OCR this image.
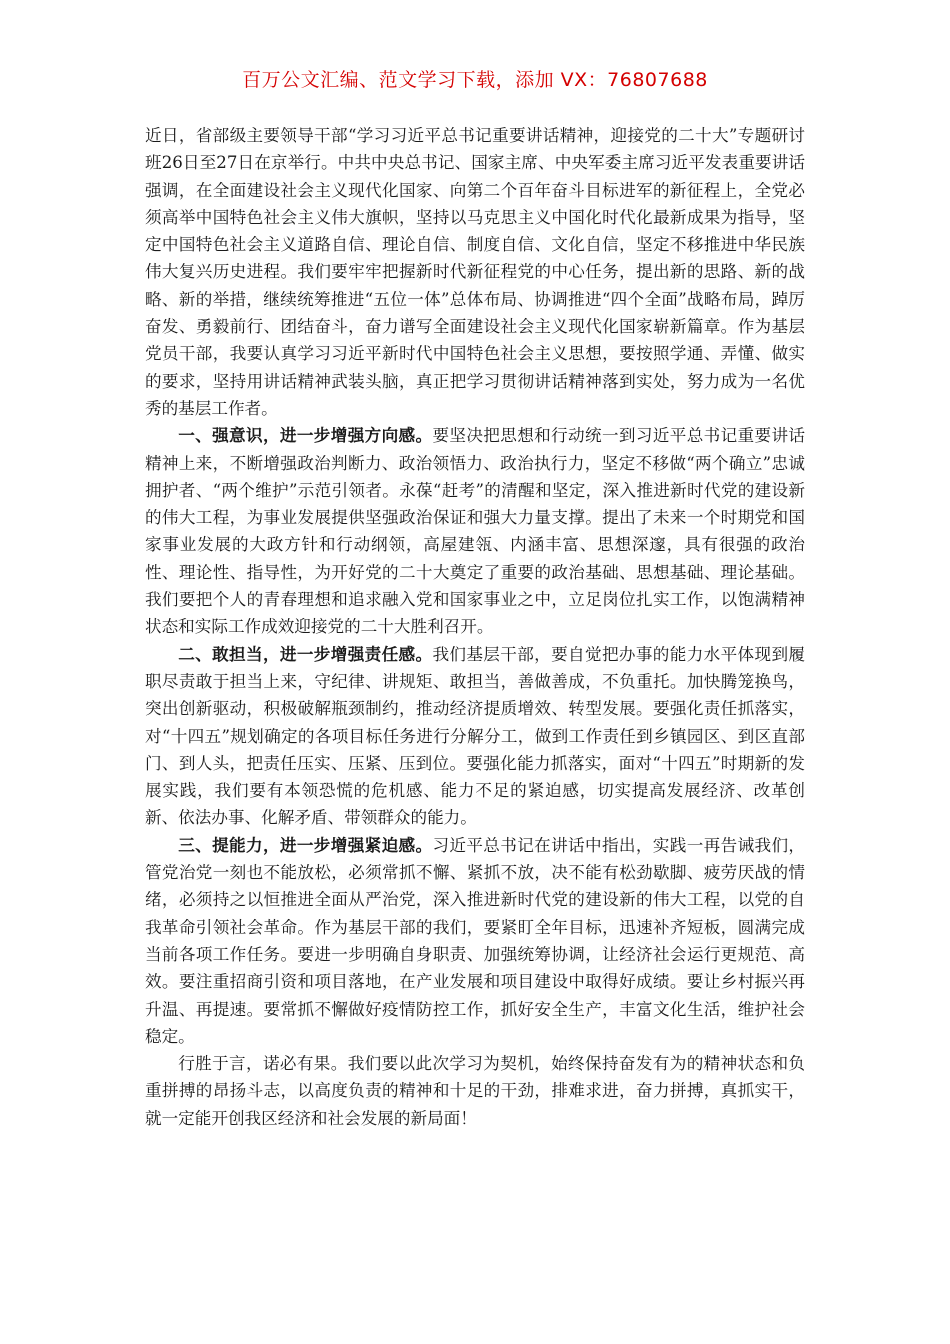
百万公文汇编、范文学习下载，添加 VX：76807688

近日，省部级主要领导干部“学习习近平总书记重要讲话精神，迎接党的二十大”专题研讨班26日至27日在京举行。中共中央总书记、国家主席、中央军委主席习近平发表重要讲话强调，在全面建设社会主义现代化国家、向第二个百年奋斗目标进军的新征程上，全党必须高举中国特色社会主义伟大旗帜，坚持以马克思主义中国化时代化最新成果为指导，坚定中国特色社会主义道路自信、理论自信、制度自信、文化自信，坚定不移推进中华民族伟大复兴历史进程。我们要牢牢把握新时代新征程党的中心任务，提出新的思路、新的战略、新的举措，继续统筹推进“五位一体”总体布局、协调推进“四个全面”战略布局，踔厉奋发、勇毅前行、团结奋斗，奋力谱写全面建设社会主义现代化国家崭新篇章。作为基层党员干部，我要认真学习习近平新时代中国特色社会主义思想，要按照学通、弄懂、做实的要求，坚持用讲话精神武装头脑，真正把学习贯彻讲话精神落到实处，努力成为一名优秀的基层工作者。

一、强意识，进一步增强方向感。要坚决把思想和行动统一到习近平总书记重要讲话精神上来，不断增强政治判断力、政治领悟力、政治执行力，坚定不移做“两个确立”忠诚拥护者、“两个维护”示范引领者。永葆“赶考”的清醒和坚定，深入推进新时代党的建设新的伟大工程，为事业发展提供坚强政治保证和强大力量支撑。提出了未来一个时期党和国家事业发展的大政方针和行动纲领，高屋建瓴、内涵丰富、思想深邃，具有很强的政治性、理论性、指导性，为开好党的二十大奠定了重要的政治基础、思想基础、理论基础。我们要把个人的青春理想和追求融入党和国家事业之中，立足岗位扎实工作，以饱满精神状态和实际工作成效迎接党的二十大胜利召开。

二、敢担当，进一步增强责任感。我们基层干部，要自觉把办事的能力水平体现到履职尽责敢于担当上来，守纪律、讲规矩、敢担当，善做善成，不负重托。加快腾笼换鸟，突出创新驱动，积极破解瓶颈制约，推动经济提质增效、转型发展。要强化责任抓落实，对“十四五”规划确定的各项目标任务进行分解分工，做到工作责任到乡镇园区、到区直部门、到人头，把责任压实、压紧、压到位。要强化能力抓落实，面对“十四五”时期新的发展实践，我们要有本领恐慌的危机感、能力不足的紧迫感，切实提高发展经济、改革创新、依法办事、化解矛盾、带领群众的能力。

三、提能力，进一步增强紧迫感。习近平总书记在讲话中指出，实践一再告诫我们，管党治党一刻也不能放松，必须常抓不懈、紧抓不放，决不能有松劲歇脚、疲劳厌战的情绪，必须持之以恒推进全面从严治党，深入推进新时代党的建设新的伟大工程，以党的自我革命引领社会革命。作为基层干部的我们，要紧盯全年目标，迅速补齐短板，圆满完成当前各项工作任务。要进一步明确自身职责、加强统筹协调，让经济社会运行更规范、高效。要注重招商引资和项目落地，在产业发展和项目建设中取得好成绩。要让乡村振兴再升温、再提速。要常抓不懈做好疫情防控工作，抓好安全生产，丰富文化生活，维护社会稳定。

行胜于言，诺必有果。我们要以此次学习为契机，始终保持奋发有为的精神状态和负重拼搏的昂扬斗志，以高度负责的精神和十足的干劲，排难求进，奋力拼搏，真抓实干，就一定能开创我区经济和社会发展的新局面！
